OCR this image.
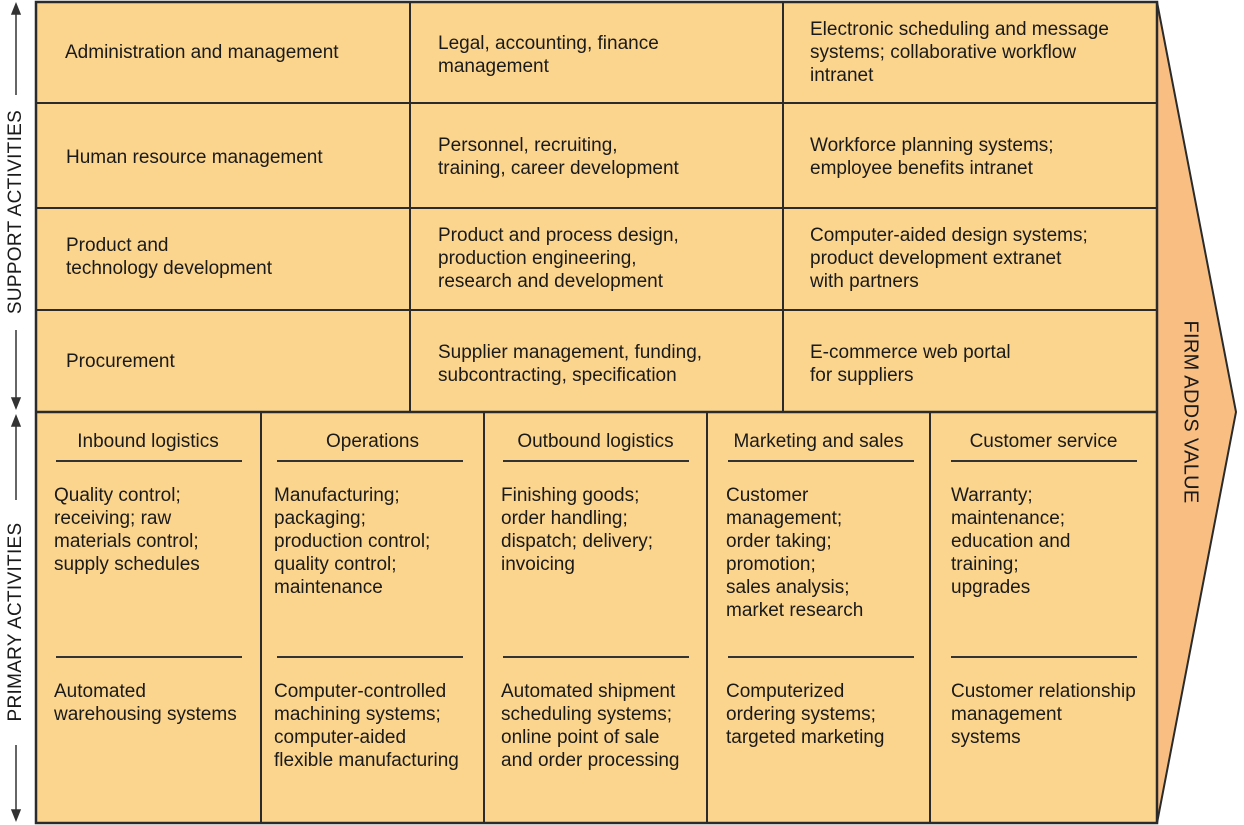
SUPPORT ACTIVITIES
PRIMARY ACTIVITIES
FIRM ADDS VALUE
Administration and management	Legal, accounting, finance
management
Electronic scheduling and message
systems; collaborative workflow
intranet
Human resource management
Personnel, recruiting,
training, career development
Workforce planning systems;
employee benefits intranet
Product and
technology development
Product and process design,
production engineering,
research and development
Computer-aided design systems;
product development extranet
with partners
Procurement	Supplier management, funding,
subcontracting, specification
E-commerce web portal
for suppliers
Inbound logistics
Quality control;
receiving; raw
materials control;
supply schedules
Automated
warehousing systems
Operations
Manufacturing;
packaging;
production control;
quality control;
maintenance
Computer-controlled
machining systems;
computer-aided
flexible manufacturing
Outbound logistics
Finishing goods;
order handling;
dispatch; delivery;
invoicing
Automated shipment
scheduling systems;
online point of sale
and order processing
Marketing and sales
Customer
management;
order taking;
promotion;
sales analysis;
market research
Computerized
ordering systems;
targeted marketing
Customer service
Warranty;
maintenance;
education and
training;
upgrades
Customer relationship
management
systems
